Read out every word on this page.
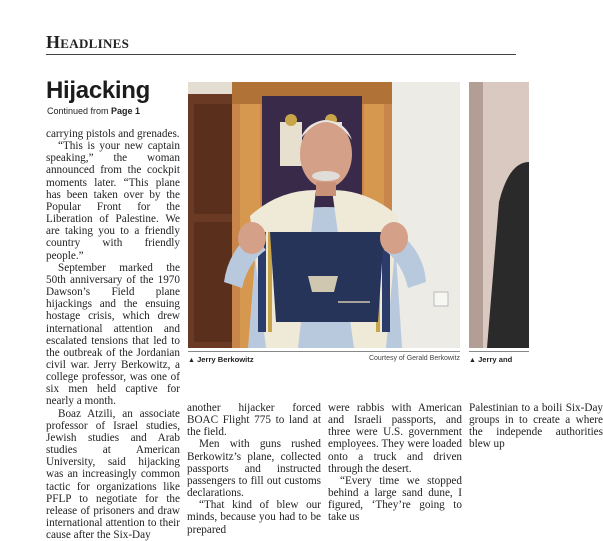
Headlines
Hijacking
Continued from Page 1

carrying pistols and grenades.

“This is your new captain speaking,” the woman announced from the cockpit moments later. “This plane has been taken over by the Popular Front for the Liberation of Palestine. We are taking you to a friendly country with friendly people.”

September marked the 50th anniversary of the 1970 Dawson’s Field plane hijackings and the ensuing hostage crisis, which drew international attention and escalated tensions that led to the outbreak of the Jordanian civil war. Jerry Berkowitz, a college professor, was one of six men held captive for nearly a month.

Boaz Atzili, an associate professor of Israel studies, Jewish studies and Arab studies at American University, said hijacking was an increasingly common tactic for organizations like PFLP to negotiate for the release of prisoners and draw international attention to their cause after the Six-Day

▲ Jerry Berkowitz	Courtesy of Gerald Berkowitz ▲ Jerry and

another hijacker forced BOAC Flight 775 to land at the field.

Men with guns rushed Berkowitz’s plane, collected passports and instructed passengers to fill out customs declarations.

“That kind of blew our minds, because you had to be prepared

were rabbis with American and Israeli passports, and three were U.S. government employees. They were loaded onto a truck and driven through the desert.

“Every time we stopped behind a large sand dune, I figured, ‘They’re going to take us

Palestinian to a boili Six-Day groups in to create a where the independe authorities blew up
